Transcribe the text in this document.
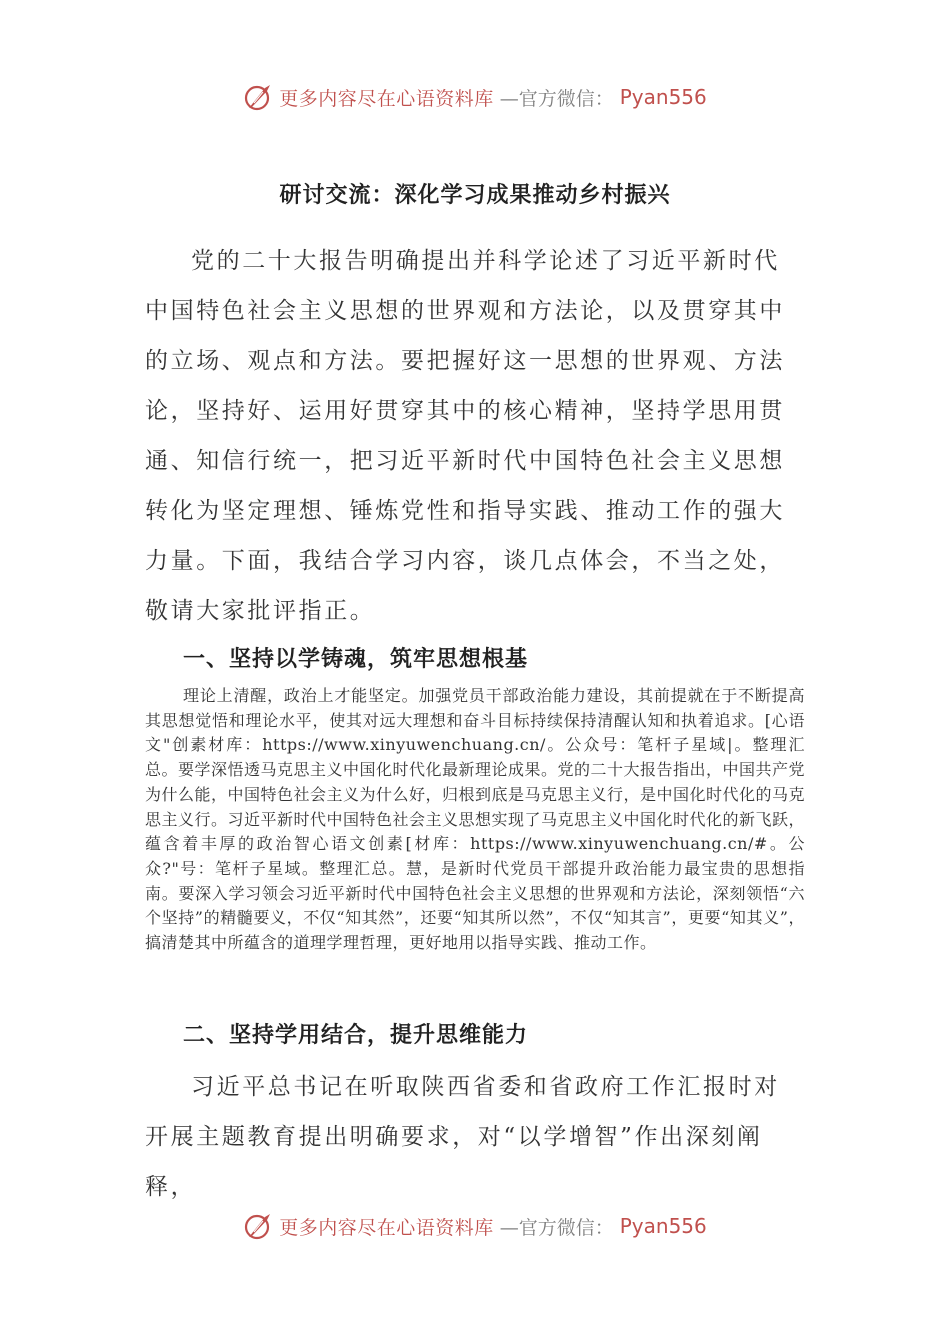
更多内容尽在心语资料库 —官方微信： Pyan556
研讨交流：深化学习成果推动乡村振兴

党的二十大报告明确提出并科学论述了习近平新时代中国特色社会主义思想的世界观和方法论，以及贯穿其中的立场、观点和方法。要把握好这一思想的世界观、方法论，坚持好、运用好贯穿其中的核心精神，坚持学思用贯通、知信行统一，把习近平新时代中国特色社会主义思想转化为坚定理想、锤炼党性和指导实践、推动工作的强大力量。下面，我结合学习内容，谈几点体会，不当之处，敬请大家批评指正。

一、坚持以学铸魂，筑牢思想根基

理论上清醒，政治上才能坚定。加强党员干部政治能力建设，其前提就在于不断提高其思想觉悟和理论水平，使其对远大理想和奋斗目标持续保持清醒认知和执着追求。[心语文"创素材库：https://www.xinyuwenchuang.cn/。公众号：笔杆子星域|。整理汇总。要学深悟透马克思主义中国化时代化最新理论成果。党的二十大报告指出，中国共产党为什么能，中国特色社会主义为什么好，归根到底是马克思主义行，是中国化时代化的马克思主义行。习近平新时代中国特色社会主义思想实现了马克思主义中国化时代化的新飞跃，蕴含着丰厚的政治智心语文创素[材库：https://www.xinyuwenchuang.cn/#。公众?"号：笔杆子星域。整理汇总。慧，是新时代党员干部提升政治能力最宝贵的思想指南。要深入学习领会习近平新时代中国特色社会主义思想的世界观和方法论，深刻领悟“六个坚持”的精髓要义，不仅“知其然”，还要“知其所以然”，不仅“知其言”，更要“知其义”，搞清楚其中所蕴含的道理学理哲理，更好地用以指导实践、推动工作。

二、坚持学用结合，提升思维能力

习近平总书记在听取陕西省委和省政府工作汇报时对开展主题教育提出明确要求，对“以学增智”作出深刻阐释，

更多内容尽在心语资料库 —官方微信： Pyan556
